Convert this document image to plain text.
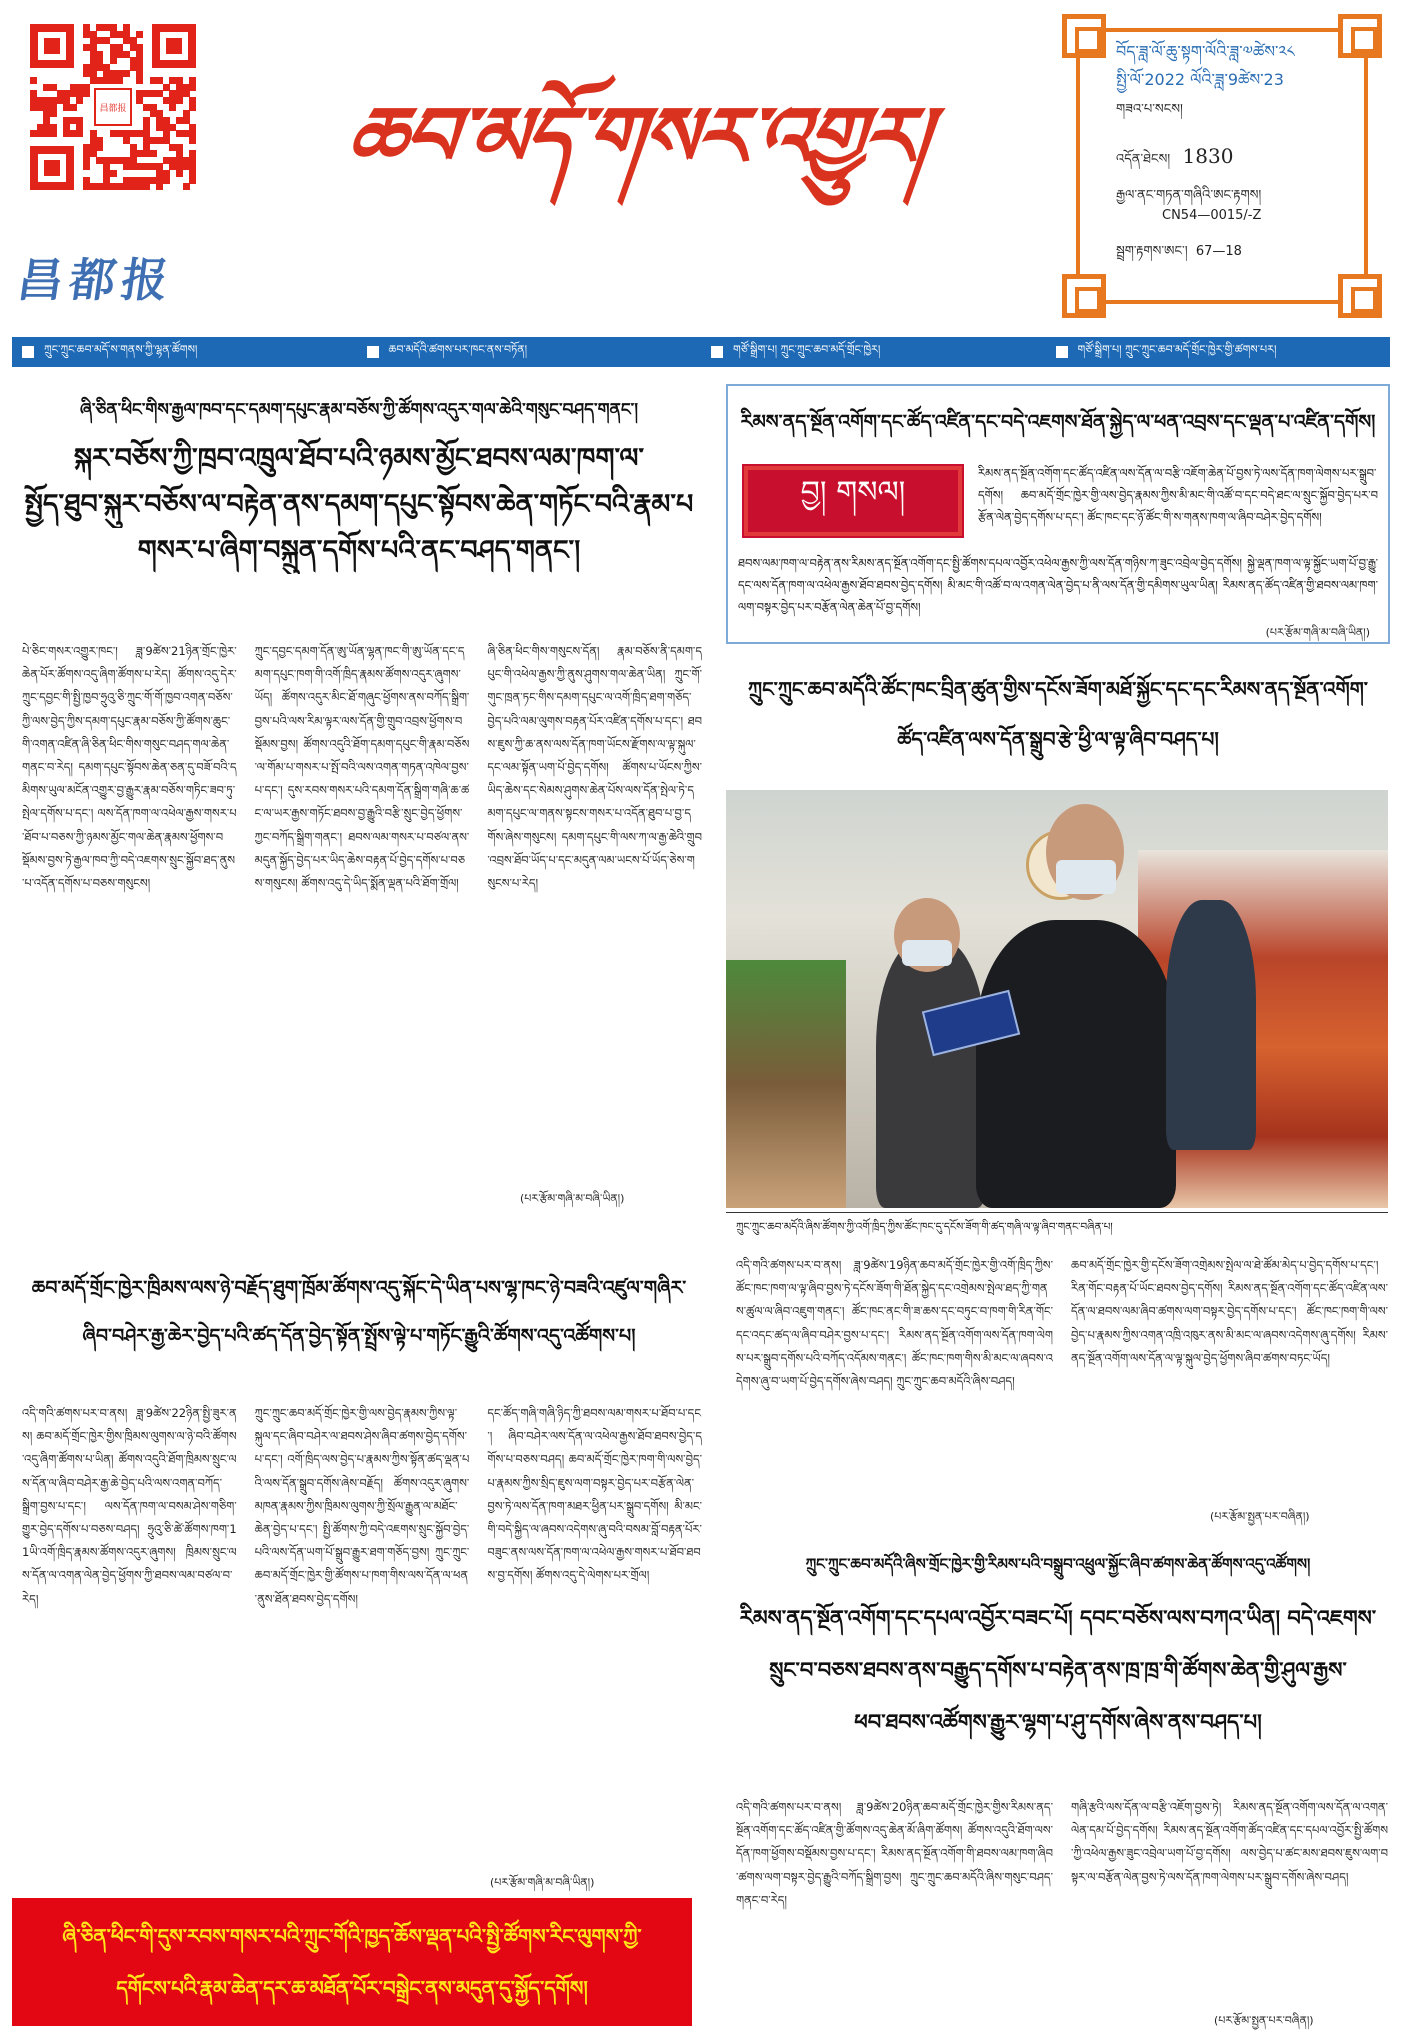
昌都报
changdu
昌都报
ཆབ་མདོ་གསར་འགྱུར།
བོད་ཟླ་ལོ་ཆུ་སྟག་ལོའི་ཟླ་༧ཚེས་༢༨
སྤྱི་ལོ་2022 ལོའི་ཟླ་9ཚེས་23
གཟའ་པ་སངས།
འདོན་ཐེངས། 1830
རྒྱལ་ནང་གཏན་གཞིའི་ཨང་རྟགས།
CN54—0015/-Z
སྦྲག་རྟགས་ཨང་། 67—18
ཀྲུང་ཀྲུང་ཆབ་མདོ་ས་གནས་ཀྱི་ལྷན་ཚོགས།	ཆབ་མདོའི་ཚགས་པར་ཁང་ནས་བཏོན།	གཙོ་སྒྲིག་པ། ཀྲུང་ཀྲུང་ཆབ་མདོ་གྲོང་ཁྱེར།	གཙོ་སྒྲིག་པ། ཀྲུང་ཀྲུང་ཆབ་མདོ་གྲོང་ཁྱེར་གྱི་ཚགས་པར།
ཞི་ཅིན་ཕིང་གིས་རྒྱལ་ཁབ་དང་དམག་དཔུང་རྣམ་བཅོས་ཀྱི་ཚོགས་འདུར་གལ་ཆེའི་གསུང་བཤད་གནང་།
སྐར་བཅོས་ཀྱི་ཁྲབ་འཁྲུལ་ཐོབ་པའི་ཉམས་མྱོང་ཐབས་ལམ་ཁག་ལ་
སྤྱོད་ཐུབ་སྐུར་བཅོས་ལ་བརྟེན་ནས་དམག་དཔུང་སྟོབས་ཆེན་གཏོང་བའི་རྣམ་པ
གསར་པ་ཞིག་བསྐྲུན་དགོས་པའི་ནང་བཤད་གནང་།
པེ་ཅིང་གསར་འགྱུར་ཁང་། ཟླ་9ཚེས་21ཉིན་གྲོང་ཁྱེར་ཆེན་པོར་ཚོགས་འདུ་ཞིག་ཚོགས་པ་རེད། ཚོགས་འདུ་དེར་ཀྲུང་དབྱང་གི་སྤྱི་ཁྱབ་ཧྲུའུ་ཅི་ཀྲུང་གོ་གོ་ཁྱབ་འགན་བཅོས་ཀྱི་ལས་བྱེད་ཀྱིས་དམག་དཔུང་རྣམ་བཅོས་ཀྱི་ཚོགས་ཆུང་གི་འགན་འཛིན་ཞི་ཅིན་ཕིང་གིས་གསུང་བཤད་གལ་ཆེན་གནང་བ་རེད། དམག་དཔུང་སྟོབས་ཆེན་ཅན་དུ་བཟོ་བའི་དམིགས་ཡུལ་མངོན་འགྱུར་བྱ་རྒྱུར་རྣམ་བཅོས་གཏིང་ཟབ་ཏུ་སྤེལ་དགོས་པ་དང་། ལས་དོན་ཁག་ལ་འཕེལ་རྒྱས་གསར་པ་ཐོབ་པ་བཅས་ཀྱི་ཉམས་མྱོང་གལ་ཆེན་རྣམས་ཕྱོགས་བསྡོམས་བྱས་ཏེ་རྒྱལ་ཁབ་ཀྱི་བདེ་འཇགས་སྲུང་སྐྱོབ་ཐད་ནུས་པ་འདོན་དགོས་པ་བཅས་གསུངས།
ཀྲུང་དབྱང་དམག་དོན་ཨུ་ཡོན་ལྷན་ཁང་གི་ཨུ་ཡོན་དང་དམག་དཔུང་ཁག་གི་འགོ་ཁྲིད་རྣམས་ཚོགས་འདུར་ཞུགས་ཡོད། ཚོགས་འདུར་མིང་ཐོ་གཞུང་ཕྱོགས་ནས་བཀོད་སྒྲིག་བྱས་པའི་ལས་རིམ་ལྟར་ལས་དོན་གྱི་གྲུབ་འབྲས་ཕྱོགས་བསྡོམས་བྱས། ཚོགས་འདུའི་ཐོག་དམག་དཔུང་གི་རྣམ་བཅོས་ལ་གོམ་པ་གསར་པ་སྤོ་བའི་ལས་འགན་གཏན་འཁེལ་བྱས་པ་དང་། དུས་རབས་གསར་པའི་དམག་དོན་སྒྲིག་གཞི་ཆ་ཚང་ལ་ཡར་རྒྱས་གཏོང་ཐབས་བྱ་རྒྱུའི་བརྩི་སྲུང་བྱེད་ཕྱོགས་ཀྱང་བཀོད་སྒྲིག་གནང་། ཐབས་ལམ་གསར་པ་བཙལ་ནས་མདུན་སྐྱོད་བྱེད་པར་ཡིད་ཆེས་བརྟན་པོ་བྱེད་དགོས་པ་བཅས་གསུངས། ཚོགས་འདུ་དེ་ཡིད་སྨོན་ལྡན་པའི་ཐོག་གྲོལ།
ཞི་ཅིན་ཕིང་གིས་གསུངས་དོན། རྣམ་བཅོས་ནི་དམག་དཔུང་གི་འཕེལ་རྒྱས་ཀྱི་ནུས་ཤུགས་གལ་ཆེན་ཡིན། ཀྲུང་གོ་གུང་ཁྲན་ཏང་གིས་དམག་དཔུང་ལ་འགོ་ཁྲིད་ཐག་གཅོད་བྱེད་པའི་ལམ་ལུགས་བརྟན་པོར་འཛིན་དགོས་པ་དང་། ཐབས་ཇུས་ཀྱི་ཆ་ནས་ལས་དོན་ཁག་ཡོངས་རྫོགས་ལ་ལྟ་སྐུལ་དང་ལམ་སྟོན་ཡག་པོ་བྱེད་དགོས། ཚོགས་པ་ཡོངས་ཀྱིས་ཡིད་ཆེས་དང་སེམས་ཤུགས་ཆེན་པོས་ལས་དོན་སྤེལ་ཏེ་དམག་དཔུང་ལ་གནས་སྟངས་གསར་པ་འདོན་ཐུབ་པ་བྱ་དགོས་ཞེས་གསུངས། དམག་དཔུང་གི་ལས་ཀ་ལ་རྒྱ་ཆེའི་གྲུབ་འབྲས་ཐོབ་ཡོད་པ་དང་མདུན་ལམ་ཡངས་པོ་ཡོད་ཅེས་གསུངས་པ་རེད།
(པར་རྩོམ་གཞི་མ་བཞི་ཡིན།)
ཆབ་མདོ་གྲོང་ཁྱེར་ཁྲིམས་ལས་ཉེ་བརྗོད་ཐུག་ཁྲོམ་ཚོགས་འདུ་སྐོང་དེ་ཡིན་པས་ལྷ་ཁང་ཉེ་བཟའི་འཛུལ་གཞིར་
ཞིབ་བཤེར་རྒྱ་ཆེར་བྱེད་པའི་ཚད་དོན་བྱེད་སྟོན་སྤྲོས་ལྟེ་པ་གཏོང་རྒྱུའི་ཚོགས་འདུ་འཚོགས་པ།
འདི་གའི་ཚགས་པར་བ་ནས། ཟླ་9ཚེས་22ཉིན་སྤྱི་ཟུར་ནས། ཆབ་མདོ་གྲོང་ཁྱེར་གྱིས་ཁྲིམས་ལུགས་ལ་ཉེ་བའི་ཚོགས་འདུ་ཞིག་ཚོགས་པ་ཡིན། ཚོགས་འདུའི་ཐོག་ཁྲིམས་སྲུང་ལས་དོན་ལ་ཞིབ་བཤེར་རྒྱ་ཆེ་བྱེད་པའི་ལས་འགན་བཀོད་སྒྲིག་བྱས་པ་དང་། ལས་དོན་ཁག་ལ་བསམ་ཤེས་གཅིག་གྱུར་བྱེད་དགོས་པ་བཅས་བཤད། ཧྲུའུ་ཅི་ཚེ་ཚོགས་ཁག་11ཡི་འགོ་ཁྲིད་རྣམས་ཚོགས་འདུར་ཞུགས། ཁྲིམས་སྲུང་ལས་དོན་ལ་འགན་ལེན་བྱེད་ཕྱོགས་ཀྱི་ཐབས་ལམ་བཙལ་བ་རེད།
ཀྲུང་ཀྲུང་ཆབ་མདོ་གྲོང་ཁྱེར་གྱི་ལས་བྱེད་རྣམས་ཀྱིས་ལྟ་སྐུལ་དང་ཞིབ་བཤེར་ལ་ཐབས་ཤེས་ཞིབ་ཚགས་བྱེད་དགོས་པ་དང་། འགོ་ཁྲིད་ལས་བྱེད་པ་རྣམས་ཀྱིས་སྟོན་ཚད་ལྡན་པའི་ལས་དོན་སྒྲུབ་དགོས་ཞེས་བརྗོད། ཚོགས་འདུར་ཞུགས་མཁན་རྣམས་ཀྱིས་ཁྲིམས་ལུགས་ཀྱི་སྲོལ་རྒྱུན་ལ་མཐོང་ཆེན་བྱེད་པ་དང་། སྤྱི་ཚོགས་ཀྱི་བདེ་འཇགས་སྲུང་སྐྱོབ་བྱེད་པའི་ལས་དོན་ཡག་པོ་སྒྲུབ་རྒྱུར་ཐག་གཅོད་བྱས། ཀྲུང་ཀྲུང་ཆབ་མདོ་གྲོང་ཁྱེར་གྱི་ཚོགས་པ་ཁག་གིས་ལས་དོན་ལ་ཕན་ནུས་ཐོན་ཐབས་བྱེད་དགོས།
དང་ཚོད་གཞི་གཞི་ཉིད་ཀྱི་ཐབས་ལམ་གསར་པ་ཐོབ་པ་དང་། ཞིབ་བཤེར་ལས་དོན་ལ་འཕེལ་རྒྱས་ཐོབ་ཐབས་བྱེད་དགོས་པ་བཅས་བཤད། ཆབ་མདོ་གྲོང་ཁྱེར་ཁག་གི་ལས་བྱེད་པ་རྣམས་ཀྱིས་སྲིད་ཇུས་ལག་བསྟར་བྱེད་པར་བརྩོན་ལེན་བྱས་ཏེ་ལས་དོན་ཁག་མཐར་ཕྱིན་པར་སྒྲུབ་དགོས། མི་མང་གི་བདེ་སྐྱིད་ལ་ཞབས་འདེགས་ཞུ་བའི་བསམ་བློ་བརྟན་པོར་བཟུང་ནས་ལས་དོན་ཁག་ལ་འཕེལ་རྒྱས་གསར་པ་ཐོབ་ཐབས་བྱ་དགོས། ཚོགས་འདུ་དེ་ལེགས་པར་གྲོལ།
(པར་རྩོམ་གཞི་མ་བཞི་ཡིན།)
རིམས་ནད་སྔོན་འགོག་དང་ཚོད་འཛིན་དང་བདེ་འཇགས་ཐོན་སྐྱེད་ལ་ཕན་འབྲས་དང་ལྡན་པ་འཛིན་དགོས།
བྱ། གསལ།
རིམས་ནད་སྔོན་འགོག་དང་ཚོད་འཛིན་ལས་དོན་ལ་བརྩི་འཇོག་ཆེན་པོ་བྱས་ཏེ་ལས་དོན་ཁག་ལེགས་པར་སྒྲུབ་དགོས། ཆབ་མདོ་གྲོང་ཁྱེར་གྱི་ལས་བྱེད་རྣམས་ཀྱིས་མི་མང་གི་འཚོ་བ་དང་བདེ་ཐང་ལ་སྲུང་སྐྱོབ་བྱེད་པར་བརྩོན་ལེན་བྱེད་དགོས་པ་དང་། ཚོང་ཁང་དང་ཉོ་ཚོང་གི་ས་གནས་ཁག་ལ་ཞིབ་བཤེར་བྱེད་དགོས།
ཐབས་ལམ་ཁག་ལ་བརྟེན་ནས་རིམས་ནད་སྔོན་འགོག་དང་སྤྱི་ཚོགས་དཔལ་འབྱོར་འཕེལ་རྒྱས་ཀྱི་ལས་དོན་གཉིས་ཀ་ཟུང་འབྲེལ་བྱེད་དགོས། སྐྱེ་ལྡན་ཁག་ལ་ལྟ་སྐྱོང་ཡག་པོ་བྱ་རྒྱུ་དང་ལས་དོན་ཁག་ལ་འཕེལ་རྒྱས་ཐོབ་ཐབས་བྱེད་དགོས། མི་མང་གི་འཚོ་བ་ལ་འགན་ལེན་བྱེད་པ་ནི་ལས་དོན་གྱི་དམིགས་ཡུལ་ཡིན། རིམས་ནད་ཚོད་འཛིན་གྱི་ཐབས་ལམ་ཁག་ལག་བསྟར་བྱེད་པར་བརྩོན་ལེན་ཆེན་པོ་བྱ་དགོས།
(པར་རྩོམ་གཞི་མ་བཞི་ཡིན།)
ཀྲུང་ཀྲུང་ཆབ་མདོའི་ཚོང་ཁང་བྲིན་ཚུན་གྱིས་དངོས་ཟོག་མཐོ་སྐྱོང་དང་དང་རིམས་ནད་སྔོན་འགོག་
ཚོད་འཛིན་ལས་དོན་སྒྲུབ་རྩེ་ཕྱི་ལ་ལྟ་ཞིབ་བཤད་པ།
ཀྲུང་ཀྲུང་ཆབ་མདོའི་ཞིས་ཚོགས་ཀྱི་འགོ་ཁྲིད་ཀྱིས་ཚོང་ཁང་དུ་དངོས་ཟོག་གི་ཚད་གཞི་ལ་ལྟ་ཞིབ་གནང་བཞིན་པ།
འདི་གའི་ཚགས་པར་བ་ནས། ཟླ་9ཚེས་19ཉིན་ཆབ་མདོ་གྲོང་ཁྱེར་གྱི་འགོ་ཁྲིད་ཀྱིས་ཚོང་ཁང་ཁག་ལ་ལྟ་ཞིབ་བྱས་ཏེ་དངོས་ཟོག་གི་ཐོན་སྐྱེད་དང་འགྲེམས་སྤེལ་ཐད་ཀྱི་གནས་ཚུལ་ལ་ཞིབ་འཇུག་གནང་། ཚོང་ཁང་ནང་གི་ཟ་ཆས་དང་བཏུང་བ་ཁག་གི་རིན་གོང་དང་འདང་ཚད་ལ་ཞིབ་བཤེར་བྱས་པ་དང་། རིམས་ནད་སྔོན་འགོག་ལས་དོན་ཁག་ལེགས་པར་སྒྲུབ་དགོས་པའི་བཀོད་འདོམས་གནང་། ཚོང་ཁང་ཁག་གིས་མི་མང་ལ་ཞབས་འདེགས་ཞུ་བ་ཡག་པོ་བྱེད་དགོས་ཞེས་བཤད། ཀྲུང་ཀྲུང་ཆབ་མདོའི་ཞིས་བཤད།
ཆབ་མདོ་གྲོང་ཁྱེར་གྱི་དངོས་ཟོག་འགྲེམས་སྤེལ་ལ་ཐེ་ཚོམ་མེད་པ་བྱེད་དགོས་པ་དང་། རིན་གོང་བརྟན་པོ་ཡོང་ཐབས་བྱེད་དགོས། རིམས་ནད་སྔོན་འགོག་དང་ཚོད་འཛིན་ལས་དོན་ལ་ཐབས་ལམ་ཞིབ་ཚགས་ལག་བསྟར་བྱེད་དགོས་པ་དང་། ཚོང་ཁང་ཁག་གི་ལས་བྱེད་པ་རྣམས་ཀྱིས་འགན་འཁྲི་འཁུར་ནས་མི་མང་ལ་ཞབས་འདེགས་ཞུ་དགོས། རིམས་ནད་སྔོན་འགོག་ལས་དོན་ལ་ལྟ་སྐུལ་བྱེད་ཕྱོགས་ཞིབ་ཚགས་བཏང་ཡོད།
(པར་རྩོམ་སྤྱན་པར་བཞིན།)
ཀྲུང་ཀྲུང་ཆབ་མདོའི་ཞིས་གྲོང་ཁྱེར་གྱི་རིམས་པའི་བསྒྲུབ་འཕྲུལ་སྐྱོང་ཞིབ་ཚགས་ཆེན་ཚོགས་འདུ་འཚོགས།
རིམས་ནད་སྔོན་འགོག་དང་དཔལ་འབྱོར་བཟང་པོ། དབང་བཅོས་ལས་བཀའ་ཡིན། བདེ་འཇགས་
སྲུང་བ་བཅས་ཐབས་ནས་བརྒྱུད་དགོས་པ་བརྟེན་ནས་ཁྲ་ཁྲ་གི་ཚོགས་ཆེན་གྱི་ཤུལ་རྒྱས་
ཕབ་ཐབས་འཚོགས་རྒྱུར་ལྷག་པ་ཤུ་དགོས་ཞེས་ནས་བཤད་པ།
འདི་གའི་ཚགས་པར་བ་ནས། ཟླ་9ཚེས་20ཉིན་ཆབ་མདོ་གྲོང་ཁྱེར་གྱིས་རིམས་ནད་སྔོན་འགོག་དང་ཚོད་འཛིན་གྱི་ཚོགས་འདུ་ཆེན་མོ་ཞིག་ཚོགས། ཚོགས་འདུའི་ཐོག་ལས་དོན་ཁག་ཕྱོགས་བསྡོམས་བྱས་པ་དང་། རིམས་ནད་སྔོན་འགོག་གི་ཐབས་ལམ་ཁག་ཞིབ་ཚགས་ལག་བསྟར་བྱེད་རྒྱུའི་བཀོད་སྒྲིག་བྱས། ཀྲུང་ཀྲུང་ཆབ་མདོའི་ཞིས་གསུང་བཤད་གནང་བ་རེད།
གཞི་རྩའི་ལས་དོན་ལ་བརྩི་འཇོག་བྱས་ཏེ། རིམས་ནད་སྔོན་འགོག་ལས་དོན་ལ་འགན་ལེན་དམ་པོ་བྱེད་དགོས། རིམས་ནད་སྔོན་འགོག་ཚོད་འཛིན་དང་དཔལ་འབྱོར་སྤྱི་ཚོགས་ཀྱི་འཕེལ་རྒྱས་ཟུང་འབྲེལ་ཡག་པོ་བྱ་དགོས། ལས་བྱེད་པ་ཚང་མས་ཐབས་ཇུས་ལག་བསྟར་ལ་བརྩོན་ལེན་བྱས་ཏེ་ལས་དོན་ཁག་ལེགས་པར་སྒྲུབ་དགོས་ཞེས་བཤད།
(པར་རྩོམ་སྤྱན་པར་བཞིན།)
ཞི་ཅིན་ཕིང་གི་དུས་རབས་གསར་པའི་ཀྲུང་གོའི་ཁྱད་ཆོས་ལྡན་པའི་སྤྱི་ཚོགས་རིང་ལུགས་ཀྱི་
དགོངས་པའི་རྣམ་ཆེན་དར་ཆ་མཐོན་པོར་བསྒྲེང་ནས་མདུན་དུ་སྐྱོད་དགོས།
